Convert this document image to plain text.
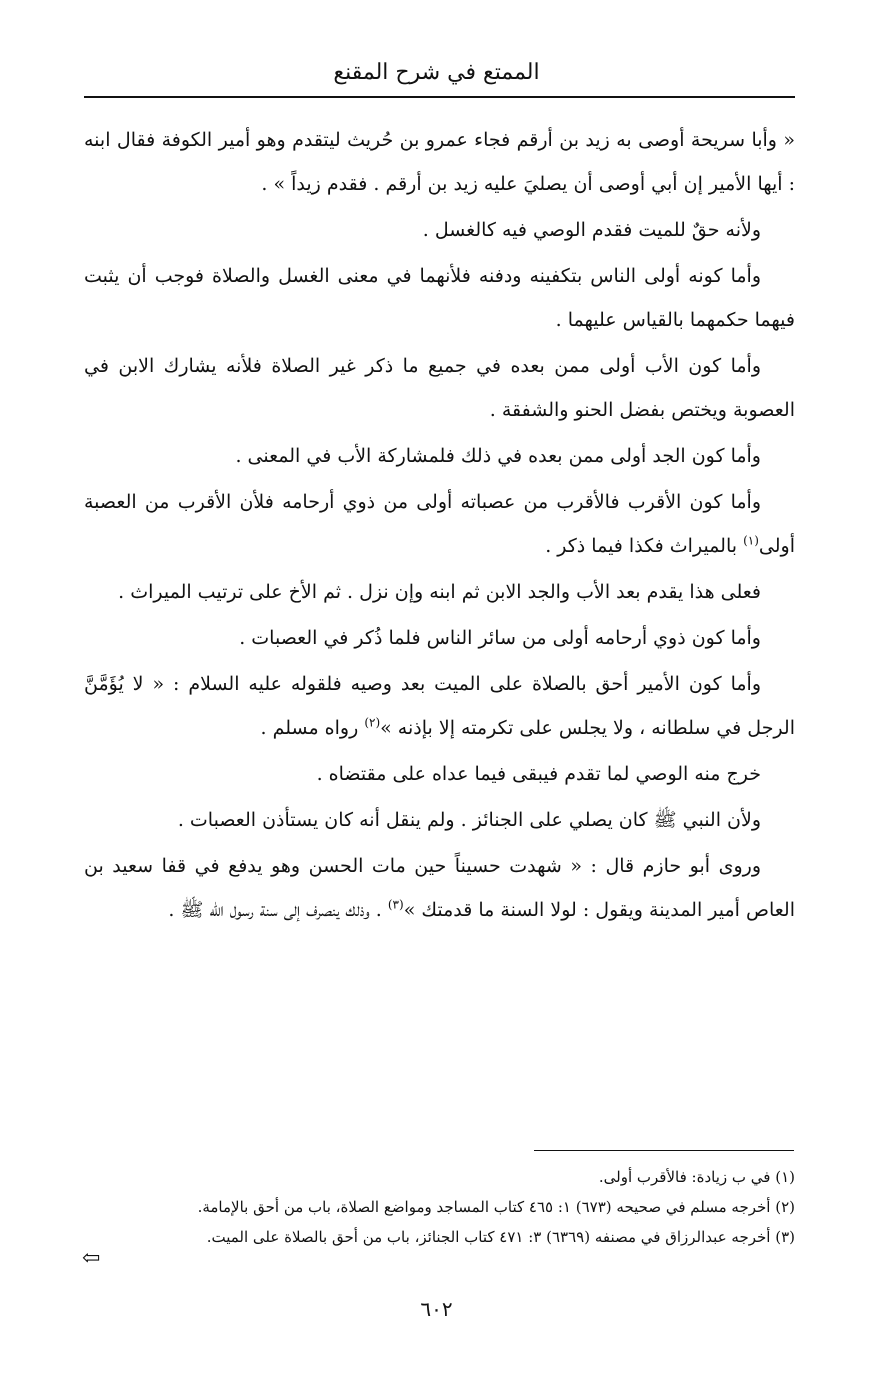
الممتع في شرح المقنع

« وأبا سريحة أوصى به زيد بن أرقم فجاء عمرو بن حُريث ليتقدم وهو أمير الكوفة فقال ابنه : أيها الأمير إن أبي أوصى أن يصليَ عليه زيد بن أرقم . فقدم زيداً » .

ولأنه حقٌ للميت فقدم الوصي فيه كالغسل .

وأما كونه أولى الناس بتكفينه ودفنه فلأنهما في معنى الغسل والصلاة فوجب أن يثبت فيهما حكمهما بالقياس عليهما .

وأما كون الأب أولى ممن بعده في جميع ما ذكر غير الصلاة فلأنه يشارك الابن في العصوبة ويختص بفضل الحنو والشفقة .

وأما كون الجد أولى ممن بعده في ذلك فلمشاركة الأب في المعنى .

وأما كون الأقرب فالأقرب من عصباته أولى من ذوي أرحامه فلأن الأقرب من العصبة أولى$^{(١)}$ بالميراث فكذا فيما ذكر .

فعلى هذا يقدم بعد الأب والجد الابن ثم ابنه وإن نزل . ثم الأخ على ترتيب الميراث .

وأما كون ذوي أرحامه أولى من سائر الناس فلما ذُكر في العصبات .

وأما كون الأمير أحق بالصلاة على الميت بعد وصيه فلقوله عليه السلام : « لا يُؤَمَّنَّ الرجل في سلطانه ، ولا يجلس على تكرمته إلا بإذنه »$^{(٢)}$ رواه مسلم .

خرج منه الوصي لما تقدم فيبقى فيما عداه على مقتضاه .

ولأن النبي ﷺ كان يصلي على الجنائز . ولم ينقل أنه كان يستأذن العصبات .

وروى أبو حازم قال : « شهدت حسيناً حين مات الحسن وهو يدفع في قفا سعيد بن العاص أمير المدينة ويقول : لولا السنة ما قدمتك »$^{(٣)}$ . وذلك ينصرف إلى سنة رسول الله ﷺ .

(١) في ب زيادة: فالأقرب أولى.

(٢) أخرجه مسلم في صحيحه (٦٧٣) ١: ٤٦٥ كتاب المساجد ومواضع الصلاة، باب من أحق بالإمامة.

(٣) أخرجه عبدالرزاق في مصنفه (٦٣٦٩) ٣: ٤٧١ كتاب الجنائز، باب من أحق بالصلاة على الميت.

⇦
٦٠٢
